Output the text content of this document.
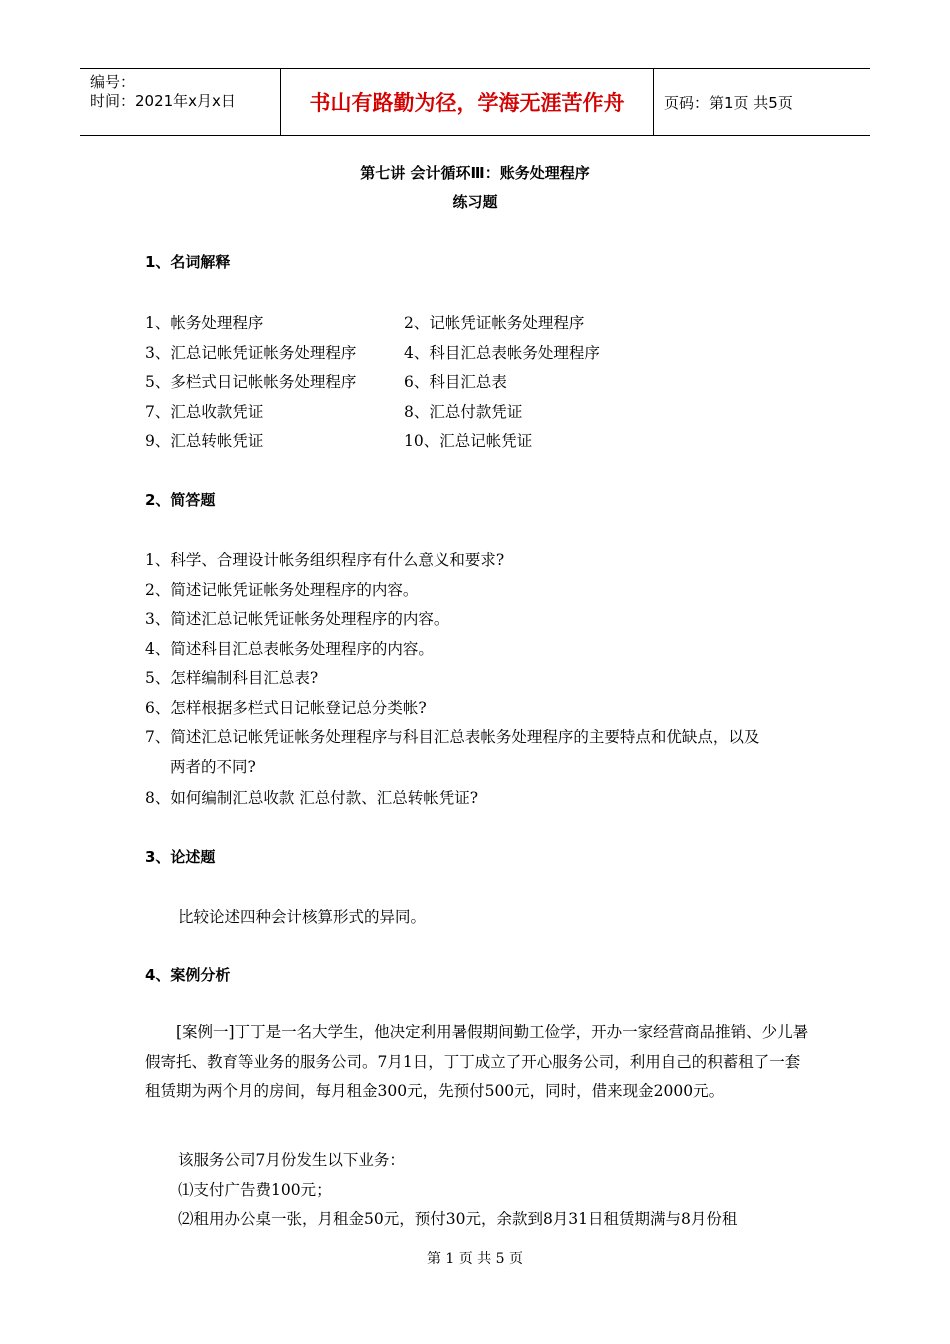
编号：
时间：2021年x月x日	书山有路勤为径，学海无涯苦作舟	页码：第1页 共5页
第七讲 会计循环Ⅲ：账务处理程序
练习题
1、名词解释
1、帐务处理程序
3、汇总记帐凭证帐务处理程序
5、多栏式日记帐帐务处理程序
7、汇总收款凭证
9、汇总转帐凭证
2、记帐凭证帐务处理程序
4、科目汇总表帐务处理程序
6、科目汇总表
8、汇总付款凭证
10、汇总记帐凭证
2、简答题
1、科学、合理设计帐务组织程序有什么意义和要求?
2、简述记帐凭证帐务处理程序的内容。
3、简述汇总记帐凭证帐务处理程序的内容。
4、简述科目汇总表帐务处理程序的内容。
5、怎样编制科目汇总表?
6、怎样根据多栏式日记帐登记总分类帐?
7、简述汇总记帐凭证帐务处理程序与科目汇总表帐务处理程序的主要特点和优缺点，以及
两者的不同?
8、如何编制汇总收款 汇总付款、汇总转帐凭证?
3、论述题
比较论述四种会计核算形式的异同。
4、案例分析
[案例一]丁丁是一名大学生，他决定利用暑假期间勤工俭学，开办一家经营商品推销、少儿暑假寄托、教育等业务的服务公司。7月1日，丁丁成立了开心服务公司，利用自己的积蓄租了一套租赁期为两个月的房间，每月租金300元，先预付500元，同时，借来现金2000元。
该服务公司7月份发生以下业务：
⑴支付广告费100元；
⑵租用办公桌一张，月租金50元，预付30元，余款到8月31日租赁期满与8月份租
第 1 页 共 5 页
